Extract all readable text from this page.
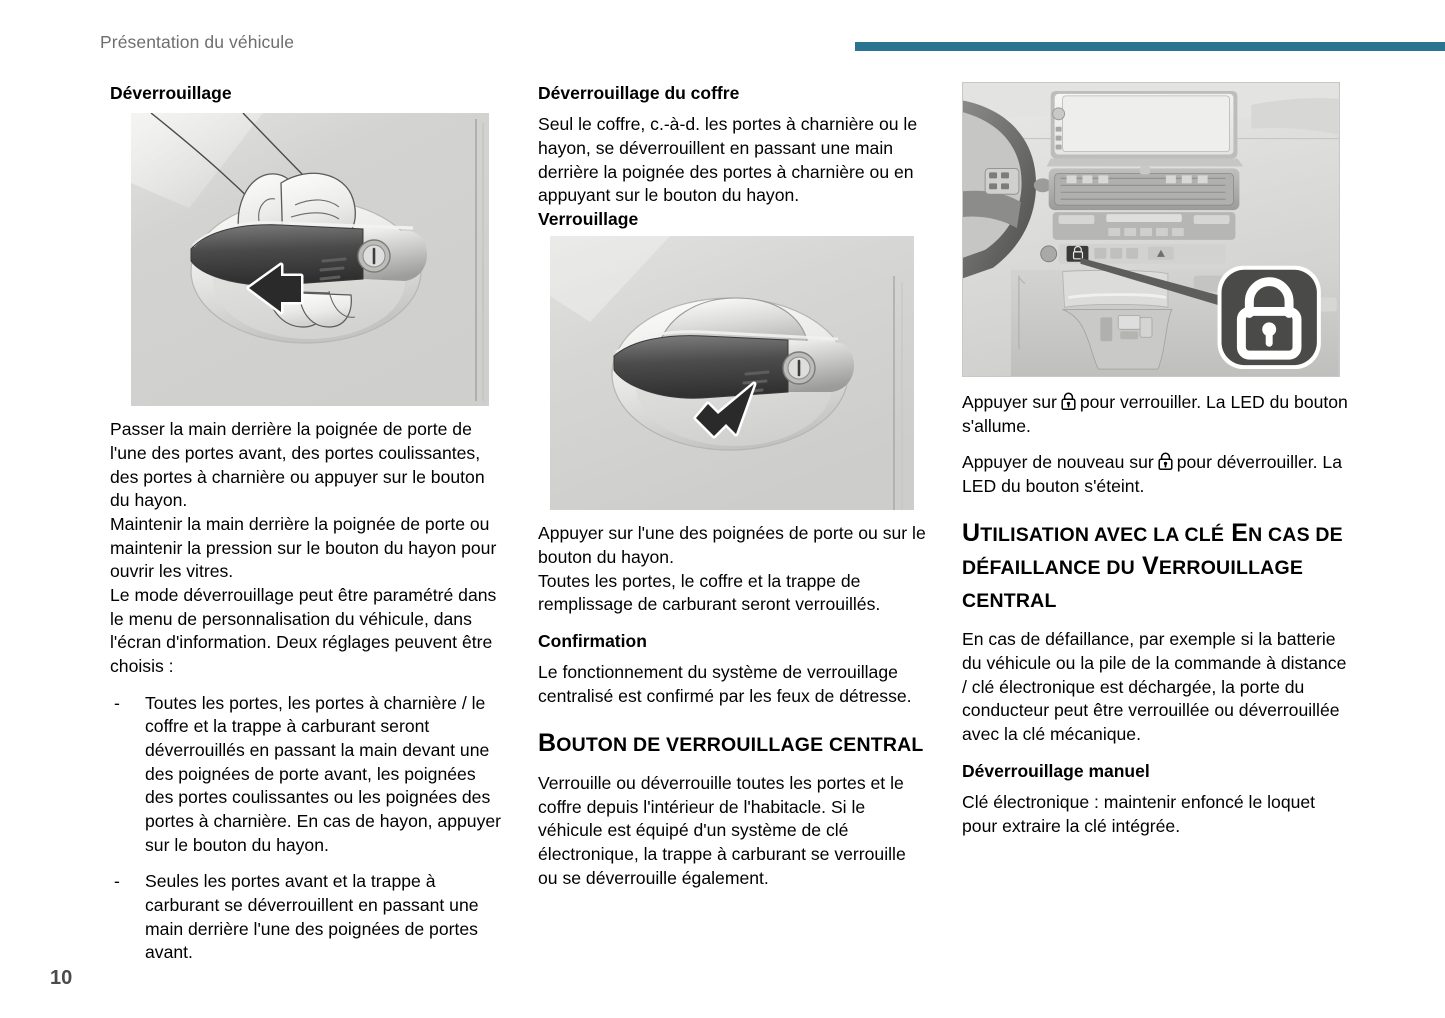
Présentation du véhicule
Déverrouillage

Passer la main derrière la poignée de porte de l'une des portes avant, des portes coulissantes, des portes à charnière ou appuyer sur le bouton du hayon.

Maintenir la main derrière la poignée de porte ou maintenir la pression sur le bouton du hayon pour ouvrir les vitres.

Le mode déverrouillage peut être paramétré dans le menu de personnalisation du véhicule, dans l'écran d'information. Deux réglages peuvent être choisis :

- Toutes les portes, les portes à charnière / le coffre et la trappe à carburant seront déverrouillés en passant la main devant une des poignées de porte avant, les poignées des portes coulissantes ou les poignées des portes à charnière. En cas de hayon, appuyer sur le bouton du hayon.
- Seules les portes avant et la trappe à carburant se déverrouillent en passant une main derrière l'une des poignées de portes avant.
Déverrouillage du coffre

Seul le coffre, c.-à-d. les portes à charnière ou le hayon, se déverrouillent en passant une main derrière la poignée des portes à charnière ou en appuyant sur le bouton du hayon.

Verrouillage

Appuyer sur l'une des poignées de porte ou sur le bouton du hayon.

Toutes les portes, le coffre et la trappe de remplissage de carburant seront verrouillés.

Confirmation

Le fonctionnement du système de verrouillage centralisé est confirmé par les feux de détresse.

BOUTON DE VERROUILLAGE CENTRAL

Verrouille ou déverrouille toutes les portes et le coffre depuis l'intérieur de l'habitacle. Si le véhicule est équipé d'un système de clé électronique, la trappe à carburant se verrouille ou se déverrouille également.

Appuyer sur pour verrouiller. La LED du bouton s'allume.

Appuyer de nouveau sur pour déverrouiller. La LED du bouton s'éteint.

UTILISATION AVEC LA CLÉ EN CAS DE DÉFAILLANCE DU VERROUILLAGE CENTRAL

En cas de défaillance, par exemple si la batterie du véhicule ou la pile de la commande à distance / clé électronique est déchargée, la porte du conducteur peut être verrouillée ou déverrouillée avec la clé mécanique.

Déverrouillage manuel

Clé électronique : maintenir enfoncé le loquet pour extraire la clé intégrée.

10
